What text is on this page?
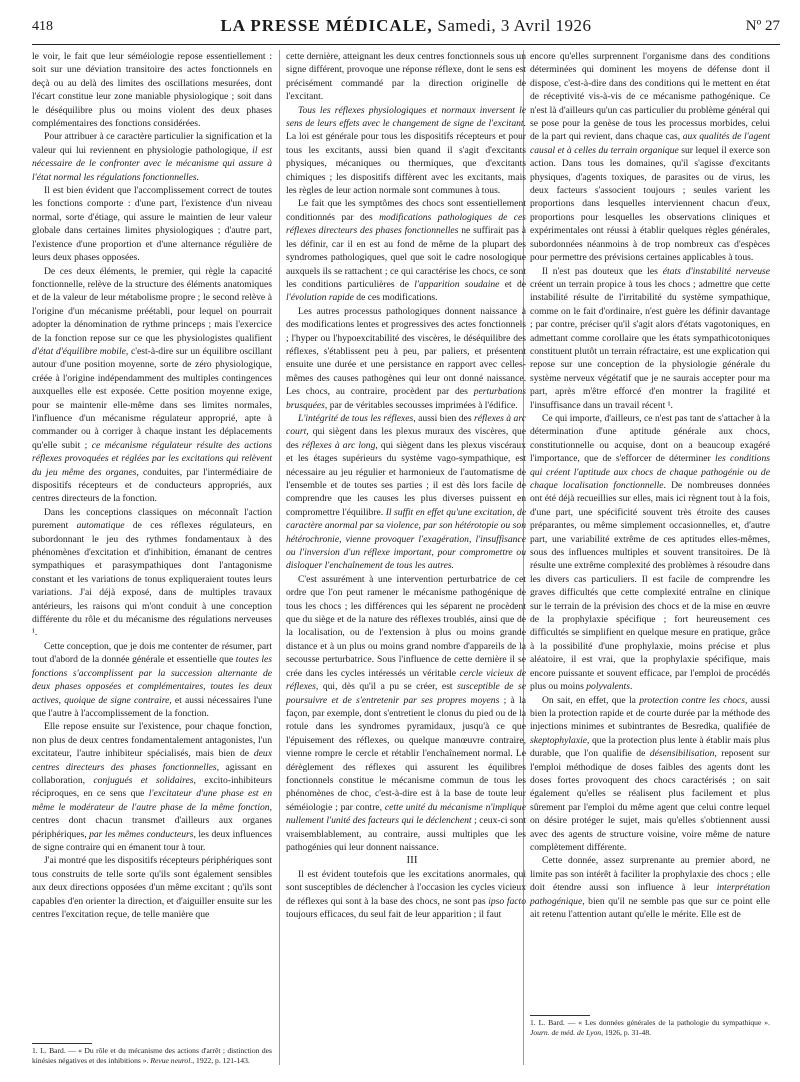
418	LA PRESSE MÉDICALE, Samedi, 3 Avril 1926	Nº 27

le voir, le fait que leur séméiologie repose essentiellement : soit sur une déviation transitoire des actes fonctionnels en deçà ou au delà des limites des oscillations mesurées, dont l'écart constitue leur zone maniable physiologique ; soit dans le déséquilibre plus ou moins violent des deux phases complémentaires des fonctions considérées.

Pour attribuer à ce caractère particulier la signification et la valeur qui lui reviennent en physiologie pathologique, il est nécessaire de le confronter avec le mécanisme qui assure à l'état normal les régulations fonctionnelles.

Il est bien évident que l'accomplissement correct de toutes les fonctions comporte : d'une part, l'existence d'un niveau normal, sorte d'étiage, qui assure le maintien de leur valeur globale dans certaines limites physiologiques ; d'autre part, l'existence d'une proportion et d'une alternance régulière de leurs deux phases opposées.

De ces deux éléments, le premier, qui règle la capacité fonctionnelle, relève de la structure des éléments anatomiques et de la valeur de leur métabolisme propre ; le second relève à l'origine d'un mécanisme préétabli, pour lequel on pourrait adopter la dénomination de rythme princeps ; mais l'exercice de la fonction repose sur ce que les physiologistes qualifient d'état d'équilibre mobile, c'est-à-dire sur un équilibre oscillant autour d'une position moyenne, sorte de zéro physiologique, créée à l'origine indépendamment des multiples contingences auxquelles elle est exposée. Cette position moyenne exige, pour se maintenir elle-même dans ses limites normales, l'influence d'un mécanisme régulateur approprié, apte à commander ou à corriger à chaque instant les déplacements qu'elle subit ; ce mécanisme régulateur résulte des actions réflexes provoquées et réglées par les excitations qui relèvent du jeu même des organes, conduites, par l'intermédiaire de dispositifs récepteurs et de conducteurs appropriés, aux centres directeurs de la fonction.

Dans les conceptions classiques on méconnaît l'action purement automatique de ces réflexes régulateurs, en subordonnant le jeu des rythmes fondamentaux à des phénomènes d'excitation et d'inhibition, émanant de centres sympathiques et parasympathiques dont l'antagonisme constant et les variations de tonus expliqueraient toutes leurs variations. J'ai déjà exposé, dans de multiples travaux antérieurs, les raisons qui m'ont conduit à une conception différente du rôle et du mécanisme des régulations nerveuses ¹.

Cette conception, que je dois me contenter de résumer, part tout d'abord de la donnée générale et essentielle que toutes les fonctions s'accomplissent par la succession alternante de deux phases opposées et complémentaires, toutes les deux actives, quoique de signe contraire, et aussi nécessaires l'une que l'autre à l'accomplissement de la fonction.

Elle repose ensuite sur l'existence, pour chaque fonction, non plus de deux centres fondamentalement antagonistes, l'un excitateur, l'autre inhibiteur spécialisés, mais bien de deux centres directeurs des phases fonctionnelles, agissant en collaboration, conjugués et solidaires, excito-inhibiteurs réciproques, en ce sens que l'excitateur d'une phase est en même le modérateur de l'autre phase de la même fonction, centres dont chacun transmet d'ailleurs aux organes périphériques, par les mêmes conducteurs, les deux influences de signe contraire qui en émanent tour à tour.

J'ai montré que les dispositifs récepteurs périphériques sont tous construits de telle sorte qu'ils sont également sensibles aux deux directions opposées d'un même excitant ; qu'ils sont capables d'en orienter la direction, et d'aiguiller ensuite sur les centres l'excitation reçue, de telle manière que

1. L. Bard. — « Du rôle et du mécanisme des actions d'arrêt ; distinction des kinésies négatives et des inhibitions ». Revue neurol., 1922, p. 121-143.

cette dernière, atteignant les deux centres fonctionnels sous un signe différent, provoque une réponse réflexe, dont le sens est précisément commandé par la direction originelle de l'excitant.

Tous les réflexes physiologiques et normaux inversent le sens de leurs effets avec le changement de signe de l'excitant. La loi est générale pour tous les dispositifs récepteurs et pour tous les excitants, aussi bien quand il s'agit d'excitants physiques, mécaniques ou thermiques, que d'excitants chimiques ; les dispositifs diffèrent avec les excitants, mais les règles de leur action normale sont communes à tous.

Le fait que les symptômes des chocs sont essentiellement conditionnés par des modifications pathologiques de ces réflexes directeurs des phases fonctionnelles ne suffirait pas à les définir, car il en est au fond de même de la plupart des syndromes pathologiques, quel que soit le cadre nosologique auxquels ils se rattachent ; ce qui caractérise les chocs, ce sont les conditions particulières de l'apparition soudaine et de l'évolution rapide de ces modifications.

Les autres processus pathologiques donnent naissance à des modifications lentes et progressives des actes fonctionnels ; l'hyper ou l'hypoexcitabilité des viscères, le déséquilibre des réflexes, s'établissent peu à peu, par paliers, et présentent ensuite une durée et une persistance en rapport avec celles-mêmes des causes pathogènes qui leur ont donné naissance. Les chocs, au contraire, procèdent par des perturbations brusquées, par de véritables secousses imprimées à l'édifice.

L'intégrité de tous les réflexes, aussi bien des réflexes à arc court, qui siègent dans les plexus muraux des viscères, que des réflexes à arc long, qui siègent dans les plexus viscéraux et les étages supérieurs du système vago-sympathique, est nécessaire au jeu régulier et harmonieux de l'automatisme de l'ensemble et de toutes ses parties ; il est dès lors facile de comprendre que les causes les plus diverses puissent en compromettre l'équilibre. Il suffit en effet qu'une excitation, de caractère anormal par sa violence, par son hétérotopie ou son hétérochronie, vienne provoquer l'exagération, l'insuffisance ou l'inversion d'un réflexe important, pour compromettre ou disloquer l'enchaînement de tous les autres.

C'est assurément à une intervention perturbatrice de cet ordre que l'on peut ramener le mécanisme pathogénique de tous les chocs ; les différences qui les séparent ne procèdent que du siège et de la nature des réflexes troublés, ainsi que de la localisation, ou de l'extension à plus ou moins grande distance et à un plus ou moins grand nombre d'appareils de la secousse perturbatrice. Sous l'influence de cette dernière il se crée dans les cycles intéressés un véritable cercle vicieux de réflexes, qui, dès qu'il a pu se créer, est susceptible de se poursuivre et de s'entretenir par ses propres moyens ; à la façon, par exemple, dont s'entretient le clonus du pied ou de la rotule dans les syndromes pyramidaux, jusqu'à ce que l'épuisement des réflexes, ou quelque manœuvre contraire, vienne rompre le cercle et rétablir l'enchaînement normal. Le dérèglement des réflexes qui assurent les équilibres fonctionnels constitue le mécanisme commun de tous les phénomènes de choc, c'est-à-dire est à la base de toute leur séméiologie ; par contre, cette unité du mécanisme n'implique nullement l'unité des facteurs qui le déclenchent ; ceux-ci sont vraisemblablement, au contraire, aussi multiples que les pathogénies qui leur donnent naissance.

III

Il est évident toutefois que les excitations anormales, qui sont susceptibles de déclencher à l'occasion les cycles vicieux de réflexes qui sont à la base des chocs, ne sont pas ipso facto toujours efficaces, du seul fait de leur apparition ; il faut

encore qu'elles surprennent l'organisme dans des conditions déterminées qui dominent les moyens de défense dont il dispose, c'est-à-dire dans des conditions qui le mettent en état de réceptivité vis-à-vis de ce mécanisme pathogénique. Ce n'est là d'ailleurs qu'un cas particulier du problème général qui se pose pour la genèse de tous les processus morbides, celui de la part qui revient, dans chaque cas, aux qualités de l'agent causal et à celles du terrain organique sur lequel il exerce son action. Dans tous les domaines, qu'il s'agisse d'excitants physiques, d'agents toxiques, de parasites ou de virus, les deux facteurs s'associent toujours ; seules varient les proportions dans lesquelles interviennent chacun d'eux, proportions pour lesquelles les observations cliniques et expérimentales ont réussi à établir quelques règles générales, subordonnées néanmoins à de trop nombreux cas d'espèces pour permettre des prévisions certaines applicables à tous.

Il n'est pas douteux que les états d'instabilité nerveuse créent un terrain propice à tous les chocs ; admettre que cette instabilité résulte de l'irritabilité du système sympathique, comme on le fait d'ordinaire, n'est guère les définir davantage ; par contre, préciser qu'il s'agit alors d'états vagotoniques, en admettant comme corollaire que les états sympathicotoniques constituent plutôt un terrain réfractaire, est une explication qui repose sur une conception de la physiologie générale du système nerveux végétatif que je ne saurais accepter pour ma part, après m'être efforcé d'en montrer la fragilité et l'insuffisance dans un travail récent ¹.

Ce qui importe, d'ailleurs, ce n'est pas tant de s'attacher à la détermination d'une aptitude générale aux chocs, constitutionnelle ou acquise, dont on a beaucoup exagéré l'importance, que de s'efforcer de déterminer les conditions qui créent l'aptitude aux chocs de chaque pathogénie ou de chaque localisation fonctionnelle. De nombreuses données ont été déjà recueillies sur elles, mais ici règnent tout à la fois, d'une part, une spécificité souvent très étroite des causes préparantes, ou même simplement occasionnelles, et, d'autre part, une variabilité extrême de ces aptitudes elles-mêmes, sous des influences multiples et souvent transitoires. De là résulte une extrême complexité des problèmes à résoudre dans les divers cas particuliers. Il est facile de comprendre les graves difficultés que cette complexité entraîne en clinique sur le terrain de la prévision des chocs et de la mise en œuvre de la prophylaxie spécifique ; fort heureusement ces difficultés se simplifient en quelque mesure en pratique, grâce à la possibilité d'une prophylaxie, moins précise et plus aléatoire, il est vrai, que la prophylaxie spécifique, mais encore puissante et souvent efficace, par l'emploi de procédés plus ou moins polyvalents.

On sait, en effet, que la protection contre les chocs, aussi bien la protection rapide et de courte durée par la méthode des injections minimes et subintrantes de Besredka, qualifiée de skeptophylaxie, que la protection plus lente à établir mais plus durable, que l'on qualifie de désensibilisation, reposent sur l'emploi méthodique de doses faibles des agents dont les doses fortes provoquent des chocs caractérisés ; on sait également qu'elles se réalisent plus facilement et plus sûrement par l'emploi du même agent que celui contre lequel on désire protéger le sujet, mais qu'elles s'obtiennent aussi avec des agents de structure voisine, voire même de nature complètement différente.

Cette donnée, assez surprenante au premier abord, ne limite pas son intérêt à faciliter la prophylaxie des chocs ; elle doit étendre aussi son influence à leur interprétation pathogénique, bien qu'il ne semble pas que sur ce point elle ait retenu l'attention autant qu'elle le mérite. Elle est de

1. L. Bard. — « Les données générales de la pathologie du sympathique ». Journ. de méd. de Lyon, 1926, p. 31-48.
